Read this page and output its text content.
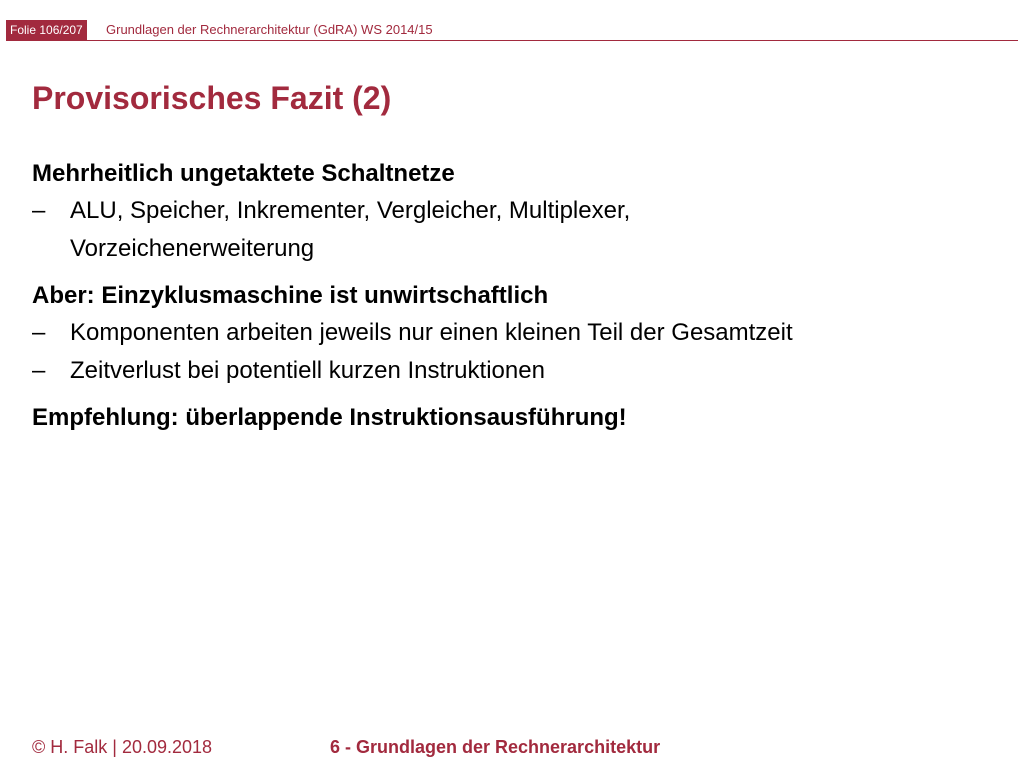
Folie 106/207	Grundlagen der Rechnerarchitektur (GdRA) WS 2014/15
Provisorisches Fazit (2)

Mehrheitlich ungetaktete Schaltnetze

– ALU, Speicher, Inkrementer, Vergleicher, Multiplexer,
Vorzeichenerweiterung

Aber: Einzyklusmaschine ist unwirtschaftlich

– Komponenten arbeiten jeweils nur einen kleinen Teil der Gesamtzeit
– Zeitverlust bei potentiell kurzen Instruktionen

Empfehlung: überlappende Instruktionsausführung!

© H. Falk | 20.09.2018	6 - Grundlagen der Rechnerarchitektur
